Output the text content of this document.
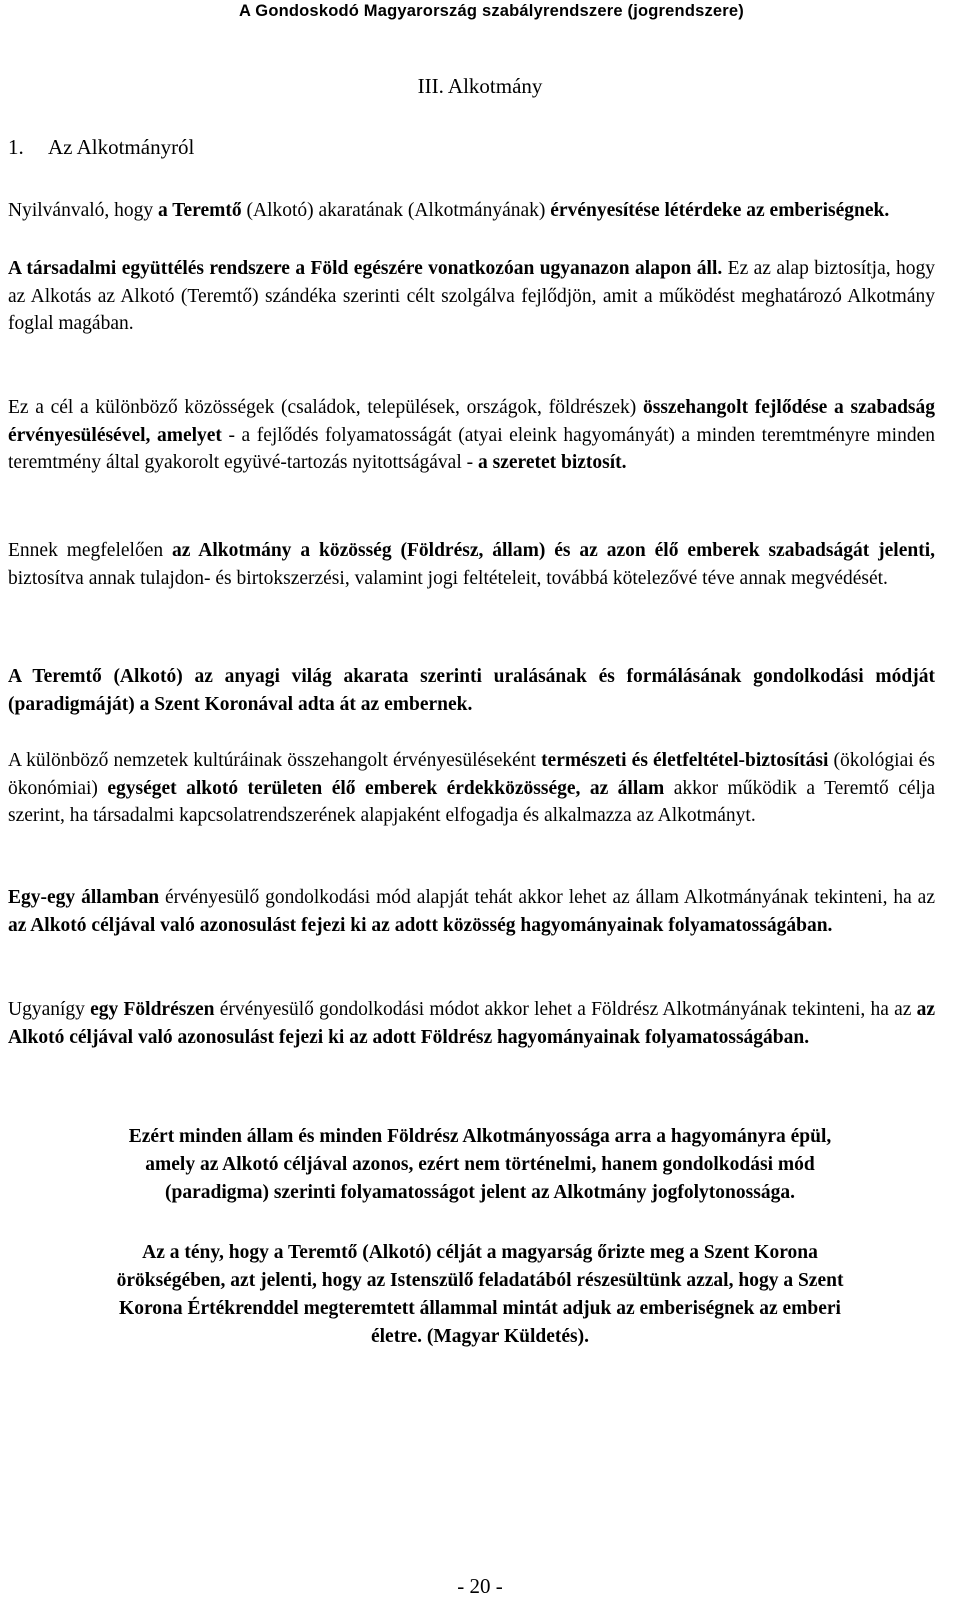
A Gondoskodó Magyarország szabályrendszere (jogrendszere)
III. Alkotmány
1. Az Alkotmányról

Nyilvánvaló, hogy a Teremtő (Alkotó) akaratának (Alkotmányának) érvényesítése létérdeke az emberiségnek.

A társadalmi együttélés rendszere a Föld egészére vonatkozóan ugyanazon alapon áll. Ez az alap biztosítja, hogy az Alkotás az Alkotó (Teremtő) szándéka szerinti célt szolgálva fejlődjön, amit a működést meghatározó Alkotmány foglal magában.

Ez a cél a különböző közösségek (családok, települések, országok, földrészek) összehangolt fejlődése a szabadság érvényesülésével, amelyet - a fejlődés folyamatosságát (atyai eleink hagyományát) a minden teremtményre minden teremtmény által gyakorolt együvé-tartozás nyitottságával - a szeretet biztosít.

Ennek megfelelően az Alkotmány a közösség (Földrész, állam) és az azon élő emberek szabadságát jelenti, biztosítva annak tulajdon- és birtokszerzési, valamint jogi feltételeit, továbbá kötelezővé téve annak megvédését.

A Teremtő (Alkotó) az anyagi világ akarata szerinti uralásának és formálásának gondolkodási módját (paradigmáját) a Szent Koronával adta át az embernek.

A különböző nemzetek kultúráinak összehangolt érvényesüléseként természeti és életfeltétel-biztosítási (ökológiai és ökonómiai) egységet alkotó területen élő emberek érdekközössége, az állam akkor működik a Teremtő célja szerint, ha társadalmi kapcsolatrendszerének alapjaként elfogadja és alkalmazza az Alkotmányt.

Egy-egy államban érvényesülő gondolkodási mód alapját tehát akkor lehet az állam Alkotmányának tekinteni, ha az az Alkotó céljával való azonosulást fejezi ki az adott közösség hagyományainak folyamatosságában.

Ugyanígy egy Földrészen érvényesülő gondolkodási módot akkor lehet a Földrész Alkotmányának tekinteni, ha az az Alkotó céljával való azonosulást fejezi ki az adott Földrész hagyományainak folyamatosságában.

Ezért minden állam és minden Földrész Alkotmányossága arra a hagyományra épül,
amely az Alkotó céljával azonos, ezért nem történelmi, hanem gondolkodási mód
(paradigma) szerinti folyamatosságot jelent az Alkotmány jogfolytonossága.
Az a tény, hogy a Teremtő (Alkotó) célját a magyarság őrizte meg a Szent Korona
örökségében, azt jelenti, hogy az Istenszülő feladatából részesültünk azzal, hogy a Szent
Korona Értékrenddel megteremtett állammal mintát adjuk az emberiségnek az emberi
életre. (Magyar Küldetés).
- 20 -
